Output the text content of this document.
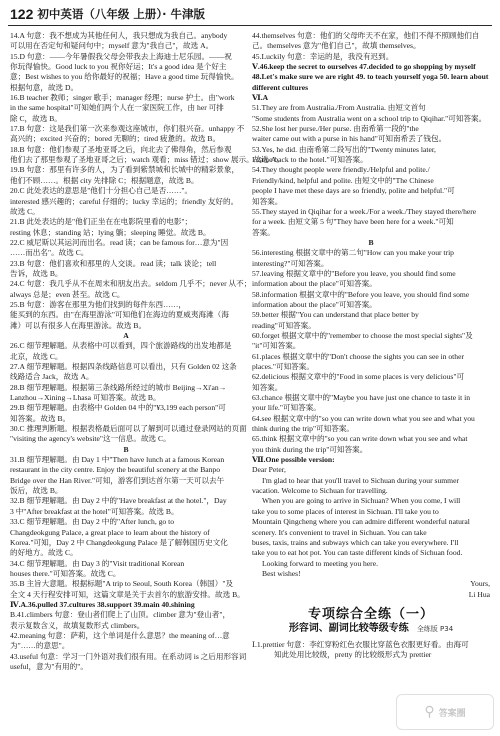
122 初中英语（八年级 上册）· 牛津版
14.A 句意：我不想成为其他任何人，我只想成为我自己。anybody
可以用在否定句和疑问句中；myself 意为"我自己"，故选 A。
15.D 句意：——今年暑假我父母会带我去上海迪士尼乐园。——祝
你玩得愉快。Good luck to you 祝你好运；It's a good idea 是个好主
意；Best wishes to you 给你最好的祝福；Have a good time 玩得愉快。
根据句意，故选 D。
16.B teacher 教师；singer 歌手；manager 经理；nurse 护士。由"work
in the same hospital"可知她们两个人在一家医院工作，由 her 可排
除 C，故选 B。
17.B 句意：这是我们第一次来参观这座城市，你们很兴奋。unhappy 不
高兴的；excited 兴奋的；bored 无聊的；tired 疲惫的。故选 B。
18.B 句意：他们参观了圣地亚哥之后，向北去了佛得角，然后参观
他们去了那里参观了圣地亚哥之后；watch 观看；miss 错过；show 展示。故选 A。
19.B 句意：那里有许多的人，为了看到紫禁城和长城中的精彩景象，
他们不顾……。根据 city 先排除 C；根据题意，故选 B。
20.C 此处表达的意思是"他们十分担心自己是否……"。
interested 感兴趣的；careful 仔细的；lucky 幸运的；friendly 友好的。
故选 C。
21.B 此处表达的是"他们正坐在在电影院里看的电影"；
resting 休息；standing 站；lying 躺；sleeping 睡觉。故选 B。
22.C 威尼斯以其运河而出名。read 读；can be famous for…意为"因
……而出名"。故选 C。
23.B 句意：他们喜欢和那里的人交谈。read 读；talk 谈论；tell
告诉，故选 B。
24.C 句意：我几乎从不在周末和朋友出去。seldom 几乎不；never 从不；
always 总是；even 甚至。故选 C。
25.B 句意：游客在那里为他们找到的每件东西……，
能买到的东西。由"在海里游泳"可知他们在海边的夏威夷海滩（海
滩）可以有很多人在海里游泳。故选 B。
A
26.C 细节理解题。从表格中可以看到，四个旅游路线的出发地都是
北京，故选 C。
27.A 细节理解题。根据四条线路信息可以看出，只有 Golden 02 这条
线路适合 Jack，故选 A。
28.B 细节理解题。根据第三条线路所经过的城市 Beijing→Xi'an→
Lanzhou→Xining→Lhasa 可知答案。故选 B。
29.B 细节理解题。由表格中 Golden 04 中的"¥3,199 each person"可
知答案。故选 B。
30.C 推理判断题。根据表格最后面可以了解到可以通过登录网站的页面
"visiting the agency's website"这一信息。故选 C。
B
31.B 细节理解题。由 Day 1 中"Then have lunch at a famous Korean
restaurant in the city centre. Enjoy the beautiful scenery at the Banpo
Bridge over the Han River."可知，游客们到达首尔第一天可以去午
饭后，故选 B。
32.B 细节理解题。由 Day 2 中的"Have breakfast at the hotel."，Day
3 中"After breakfast at the hotel"可知答案。故选 B。
33.C 细节理解题。由 Day 2 中的"After lunch, go to
Changdeokgung Palace, a great place to learn about the history of
Korea."可知，Day 2 中 Changdeokgung Palace 是了解韩国历史文化
的好地方。故选 C。
34.C 细节理解题。由 Day 3 的"Visit traditional Korean
houses there."可知答案。故选 C。
35.B 主旨大意题。根据标题"A trip to Seoul, South Korea（韩国）"及
全文 4 天行程安排可知，这篇文章是关于去首尔的旅游安排。故选 B。
Ⅳ.A.36.pulled 37.cultures 38.support 39.main 40.shining
B.41.climbers 句意：登山者们爬上了山顶。climber 意为"登山者"，
表示复数含义，故填复数形式 climbers。
42.meaning 句意：萨莉，这个单词是什么意思？the meaning of…意
为"……的意思"。
43.useful 句意：学习一门外语对我们很有用。在系动词 is 之后用形容词
useful，意为"有用的"。
44.themselves 句意：他们的父母昨天不在家，他们不得不照顾他们自
己。themselves 意为"他们自己"，故填 themselves。
45.Luckily 句意：幸运的是，我没有迟到。
Ⅴ.46.keep the secret to ourselves 47.decided to go shopping by myself
48.Let's make sure we are right 49. to teach yourself yoga 50. learn about
different cultures
Ⅵ.A
51.They are from Australia./From Australia. 由短文首句
"Some students from Australia went on a school trip to Qiqihar."可知答案。
52.She lost her purse./Her purse. 由南希第一段的"the
waiter came out with a purse in his hand"可知南希丢了钱包。
53.Yes, he did. 由南希第二段写出的"Twenty minutes later,
I came back to the hotel."可知答案。
54.They thought people were friendly./Helpful and polite./
Friendly/kind, helpful and polite. 由短文中的"The Chinese
people I have met these days are so friendly, polite and helpful."可
知答案。
55.They stayed in Qiqihar for a week./For a week./They stayed there/here
for a week. 由短文第 5 句"They have been here for a week."可知
答案。
B
56.interesting 根据文章中的第二句"How can you make your trip
interesting?"可知答案。
57.leaving 根据文章中的"Before you leave, you should find some
information about the place"可知答案。
58.information 根据文章中的"Before you leave, you should find some
information about the place"可知答案。
59.better 根据"You can understand that place better by
reading"可知答案。
60.forget 根据文章中的"remember to choose the most special sights"及
"it"可知答案。
61.places 根据文章中的"Don't choose the sights you can see in other
places."可知答案。
62.delicious 根据文章中的"Food in some places is very delicious"可
知答案。
63.chance 根据文章中的"Maybe you have just one chance to taste it in
your life."可知答案。
64.see 根据文章中的"so you can write down what you see and what you
think during the trip"可知答案。
65.think 根据文章中的"so you can write down what you see and what
you think during the trip"可知答案。
Ⅶ.One possible version:
Dear Peter,
I'm glad to hear that you'll travel to Sichuan during your summer
vacation. Welcome to Sichuan for travelling.
When you are going to arrive in Sichuan? When you come, I will
take you to some places of interest in Sichuan. I'll take you to
Mountain Qingcheng where you can admire different wonderful natural
scenery. It's convenient to travel in Sichuan. You can take
buses, taxis, trains and subways which can take you everywhere. I'll
take you to eat hot pot. You can taste different kinds of Sichuan food.
Looking forward to meeting you here.
Best wishes!
Yours,
Li Hua
专项综合全练（一）
形容词、副词比较等级专练 全练版 P34
Ⅰ.1.prettier 句意：李红穿粉红色衣服比穿蓝色衣服更好看。由海可
知此处用比较级，pretty 的比较级形式为 prettier
⚲ 答案圈
